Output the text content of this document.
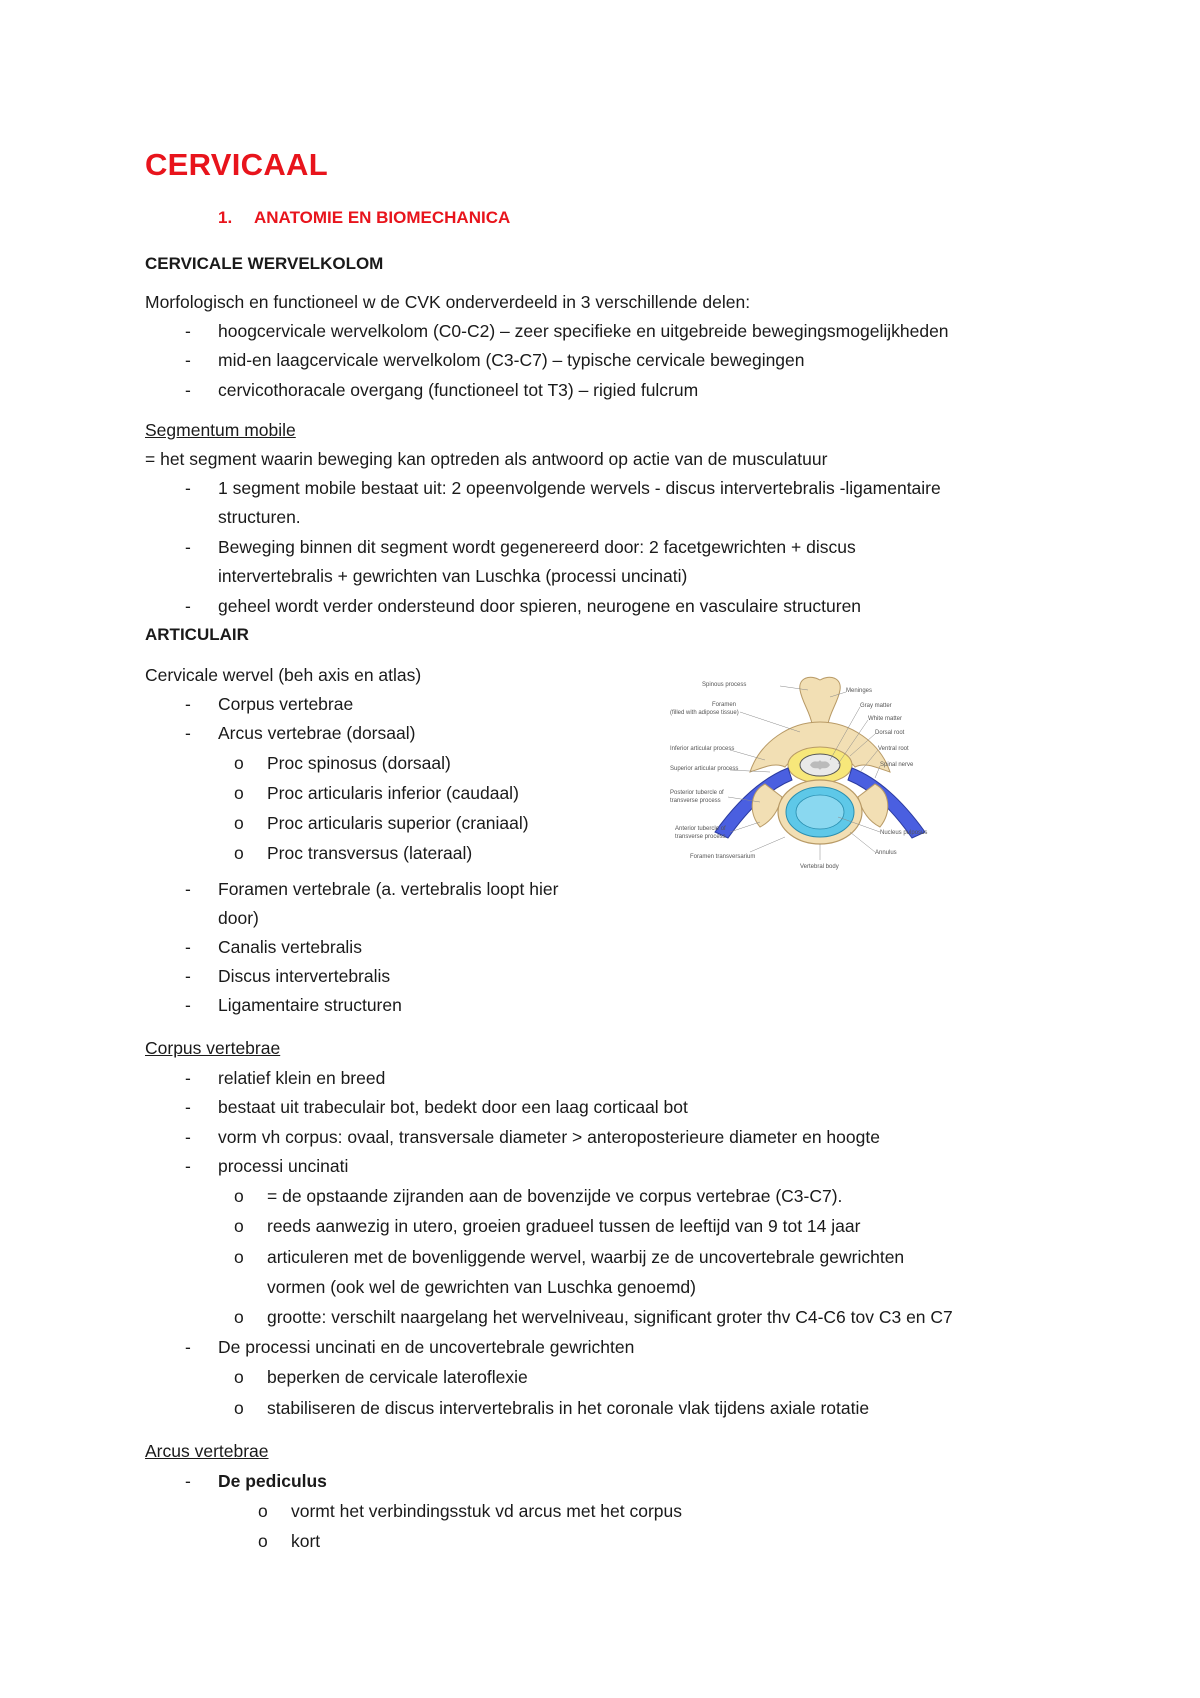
CERVICAAL
1. ANATOMIE EN BIOMECHANICA
CERVICALE WERVELKOLOM
Morfologisch en functioneel w de CVK onderverdeeld in 3 verschillende delen:
- hoogcervicale wervelkolom (C0-C2) – zeer specifieke en uitgebreide bewegingsmogelijkheden
- mid-en laagcervicale wervelkolom (C3-C7) – typische cervicale bewegingen
- cervicothoracale overgang (functioneel tot T3) – rigied fulcrum
Segmentum mobile
= het segment waarin beweging kan optreden als antwoord op actie van de musculatuur
- 1 segment mobile bestaat uit: 2 opeenvolgende wervels - discus intervertebralis -ligamentaire
structuren.
- Beweging binnen dit segment wordt gegenereerd door: 2 facetgewrichten + discus
intervertebralis + gewrichten van Luschka (processi uncinati)
- geheel wordt verder ondersteund door spieren, neurogene en vasculaire structuren
ARTICULAIR
Cervicale wervel (beh axis en atlas)
- Corpus vertebrae
- Arcus vertebrae (dorsaal)
o Proc spinosus (dorsaal)
o Proc articularis inferior (caudaal)
o Proc articularis superior (craniaal)
o Proc transversus (lateraal)
- Foramen vertebrale (a. vertebralis loopt hier
door)
- Canalis vertebralis
- Discus intervertebralis
- Ligamentaire structuren
Spinous process
Foramen
(filled with adipose tissue)
Inferior articular process
Superior articular process
Posterior tubercle of
transverse process
Anterior tubercle of
transverse process
Foramen transversarium
Vertebral body
Meninges
Gray matter
White matter
Dorsal root
Ventral root
Spinal nerve
Nucleus pulposus
Annulus
Corpus vertebrae
- relatief klein en breed
- bestaat uit trabeculair bot, bedekt door een laag corticaal bot
- vorm vh corpus: ovaal, transversale diameter > anteroposterieure diameter en hoogte
- processi uncinati
o = de opstaande zijranden aan de bovenzijde ve corpus vertebrae (C3-C7).
o reeds aanwezig in utero, groeien gradueel tussen de leeftijd van 9 tot 14 jaar
o articuleren met de bovenliggende wervel, waarbij ze de uncovertebrale gewrichten
vormen (ook wel de gewrichten van Luschka genoemd)
o grootte: verschilt naargelang het wervelniveau, significant groter thv C4-C6 tov C3 en C7
- De processi uncinati en de uncovertebrale gewrichten
o beperken de cervicale lateroflexie
o stabiliseren de discus intervertebralis in het coronale vlak tijdens axiale rotatie
Arcus vertebrae
- De pediculus
o vormt het verbindingsstuk vd arcus met het corpus
o kort
